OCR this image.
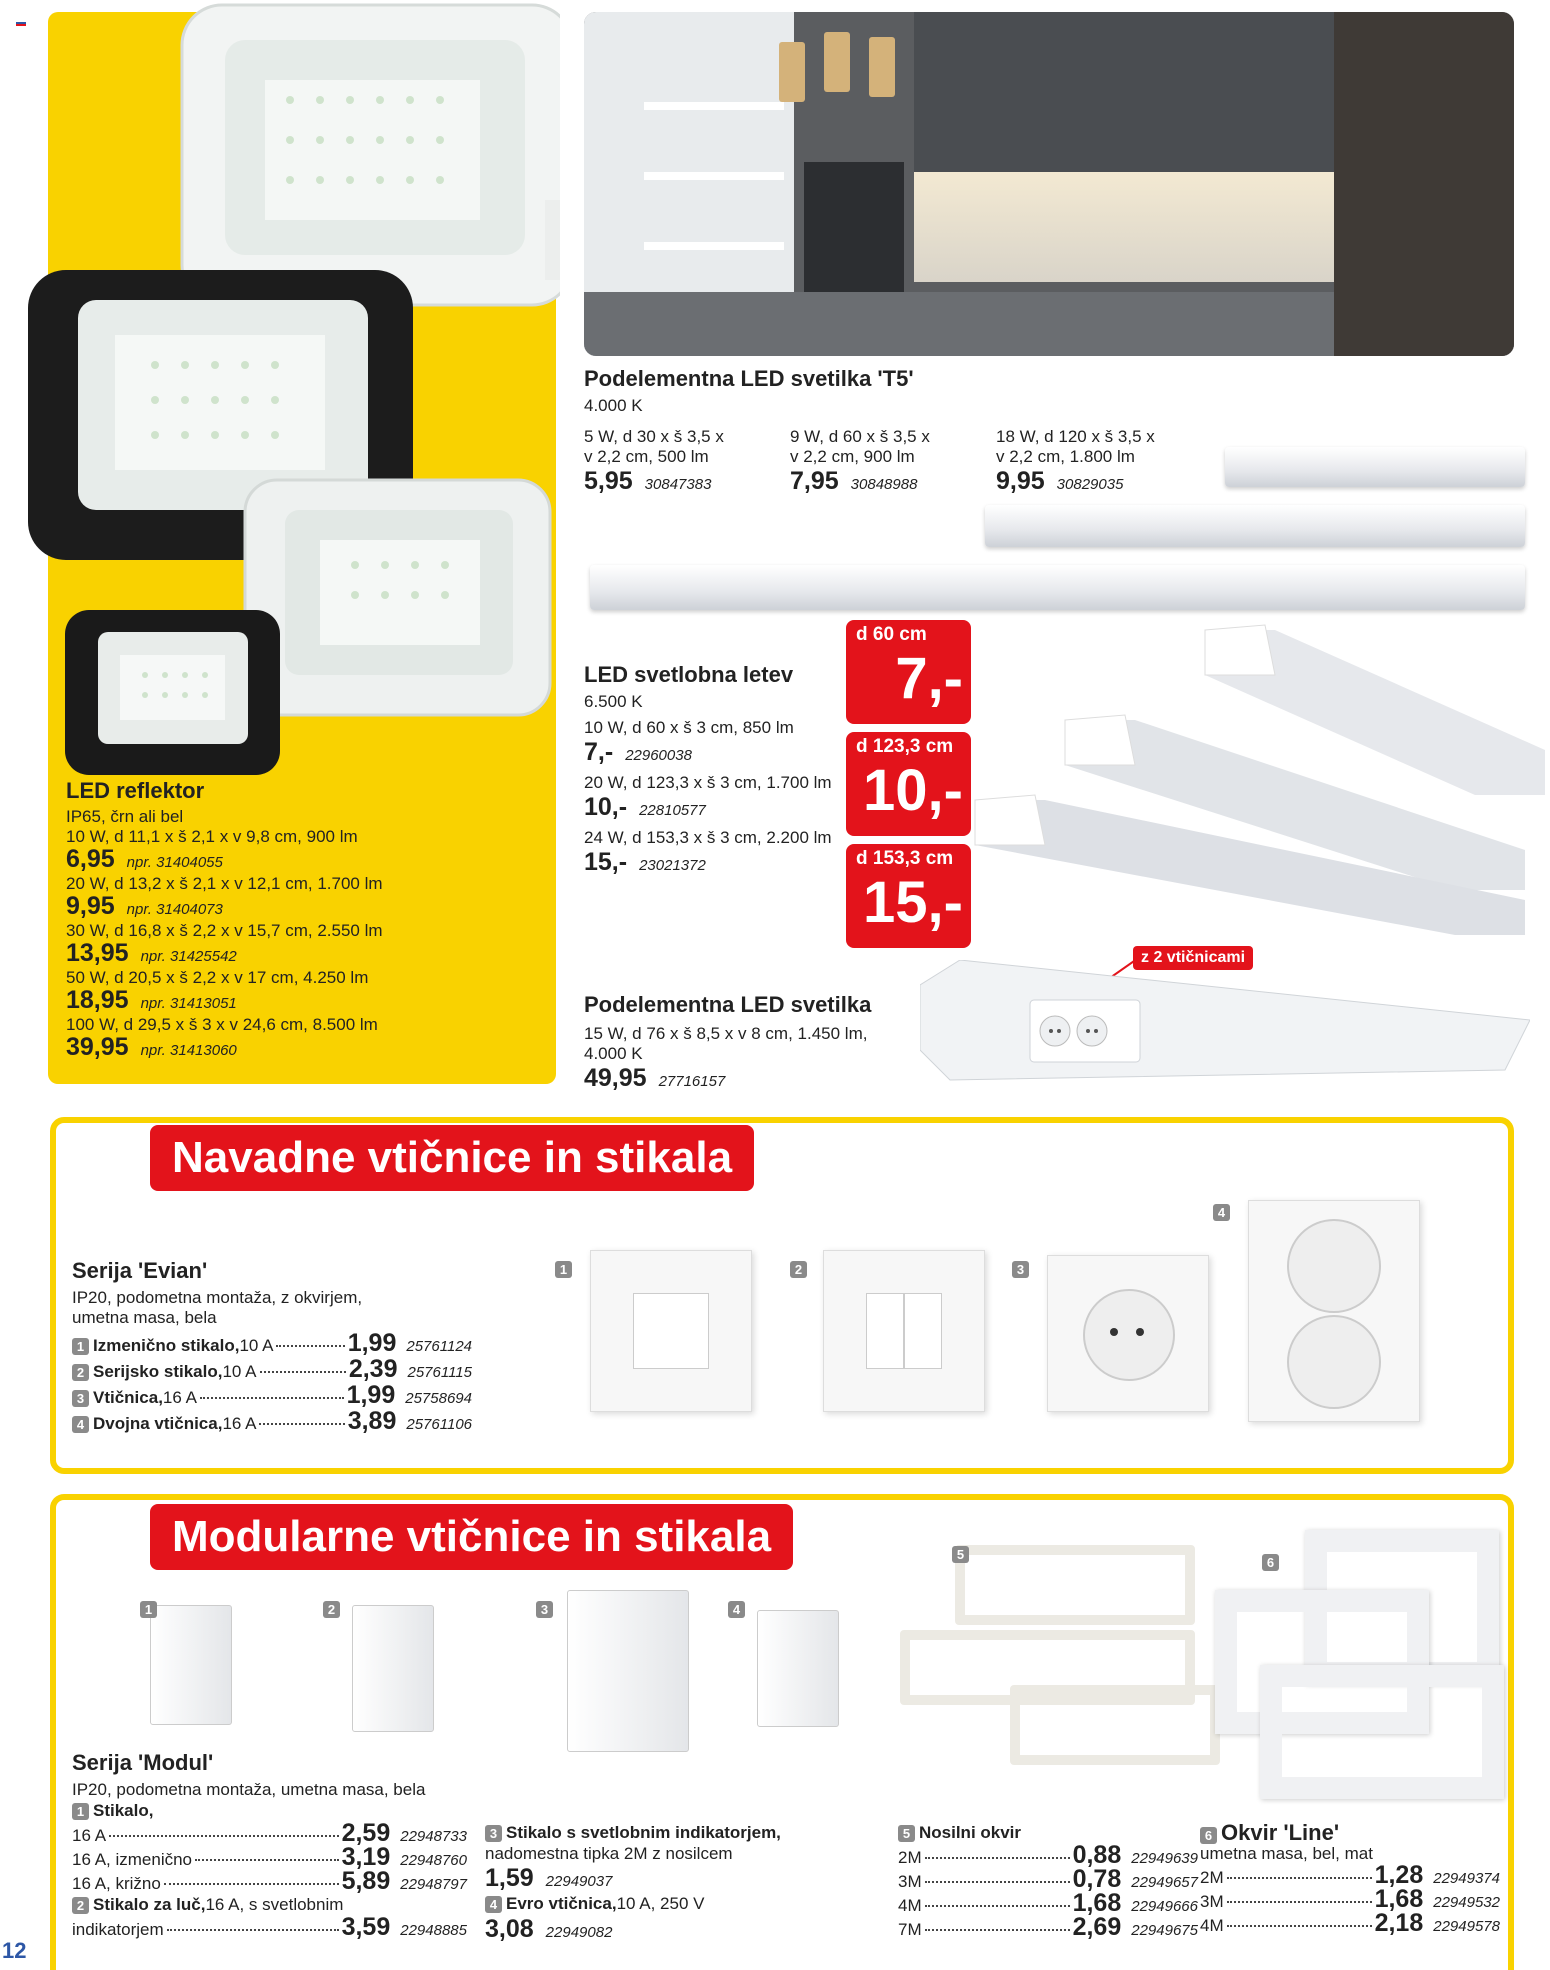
LED reflektor
IP65, črn ali bel
10 W, d 11,1 x š 2,1 x v 9,8 cm, 900 lm
6,95 npr. 31404055
20 W, d 13,2 x š 2,1 x v 12,1 cm, 1.700 lm
9,95 npr. 31404073
30 W, d 16,8 x š 2,2 x v 15,7 cm, 2.550 lm
13,95 npr. 31425542
50 W, d 20,5 x š 2,2 x v 17 cm, 4.250 lm
18,95 npr. 31413051
100 W, d 29,5 x š 3 x v 24,6 cm, 8.500 lm
39,95 npr. 31413060
Podelementna LED svetilka 'T5'
4.000 K
5 W, d 30 x š 3,5 x
v 2,2 cm, 500 lm
5,95 30847383
9 W, d 60 x š 3,5 x
v 2,2 cm, 900 lm
7,95 30848988
18 W, d 120 x š 3,5 x
v 2,2 cm, 1.800 lm
9,95 30829035
LED svetlobna letev
6.500 K
10 W, d 60 x š 3 cm, 850 lm
7,- 22960038
20 W, d 123,3 x š 3 cm, 1.700 lm
10,- 22810577
24 W, d 153,3 x š 3 cm, 2.200 lm
15,- 23021372
d 60 cm
7,-
d 123,3 cm
10,-
d 153,3 cm
15,-
Podelementna LED svetilka
15 W, d 76 x š 8,5 x v 8 cm, 1.450 lm,
4.000 K
49,95 27716157
z 2 vtičnicami
Navadne vtičnice in stikala
Serija 'Evian'
IP20, podometna montaža, z okvirjem,
umetna masa, bela
1 Izmenično stikalo, 10 A	1,99 25761124
2 Serijsko stikalo, 10 A	2,39 25761115
3 Vtičnica, 16 A	1,99 25758694
4 Dvojna vtičnica, 16 A	3,89 25761106
1	2	3
4
Modularne vtičnice in stikala
1	2	3	4
5
6
Serija 'Modul'
IP20, podometna montaža, umetna masa, bela
1 Stikalo,
16 A	2,59 22948733
16 A, izmenično	3,19 22948760
16 A, križno	5,89 22948797
2 Stikalo za luč, 16 A, s svetlobnim
indikatorjem	3,59 22948885
3 Stikalo s svetlobnim indikatorjem,
nadomestna tipka 2M z nosilcem
1,59 22949037
4 Evro vtičnica, 10 A, 250 V
3,08 22949082
5 Nosilni okvir
2M	0,88 22949639
3M	0,78 22949657
4M	1,68 22949666
7M	2,69 22949675
6 Okvir 'Line'
umetna masa, bel, mat
2M	1,28 22949374
3M	1,68 22949532
4M	2,18 22949578
12
